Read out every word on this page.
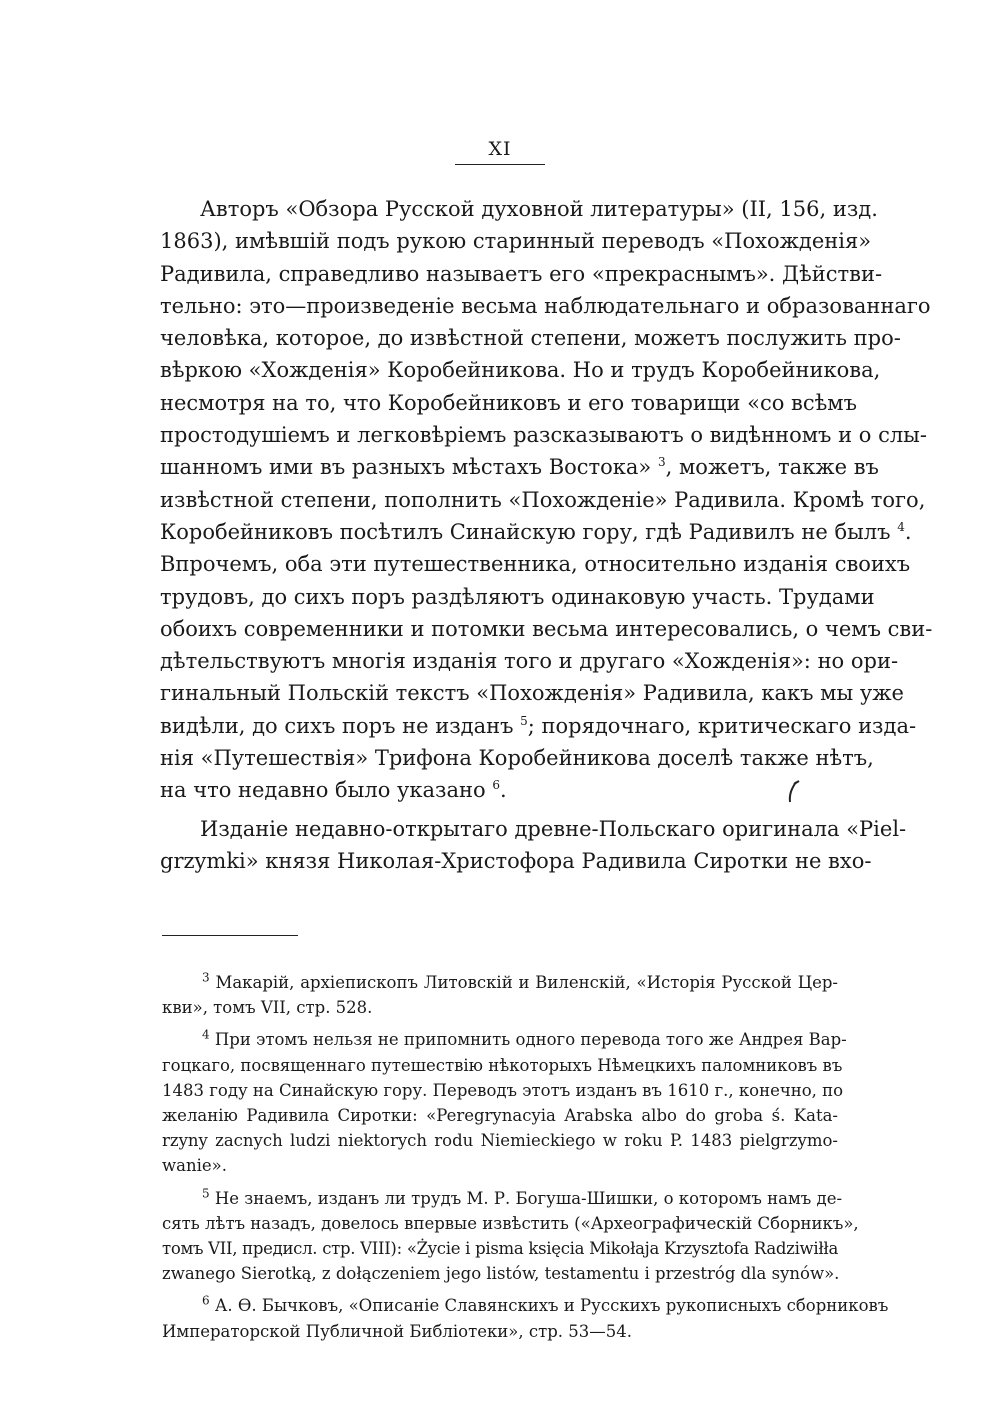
XI

Авторъ «Обзора Русской духовной литературы» (II, 156, изд.
1863), имѣвшій подъ рукою старинный переводъ «Похожденія»
Радивила, справедливо называетъ его «прекраснымъ». Дѣйстви-
тельно: это—произведеніе весьма наблюдательнаго и образованнаго
человѣка, которое, до извѣстной степени, можетъ послужить про-
вѣркою «Хожденія» Коробейникова. Но и трудъ Коробейникова,
несмотря на то, что Коробейниковъ и его товарищи «со всѣмъ
простодушіемъ и легковѣріемъ разсказываютъ о видѣнномъ и о слы-
шанномъ ими въ разныхъ мѣстахъ Востока» $^3$, можетъ, также въ
извѣстной степени, пополнить «Похожденіе» Радивила. Кромѣ того,
Коробейниковъ посѣтилъ Синайскую гору, гдѣ Радивилъ не былъ $^4$.
Впрочемъ, оба эти путешественника, относительно изданія своихъ
трудовъ, до сихъ поръ раздѣляютъ одинаковую участь. Трудами
обоихъ современники и потомки весьма интересовались, о чемъ сви-
дѣтельствуютъ многія изданія того и другаго «Хожденія»: но ори-
гинальный Польскій текстъ «Похожденія» Радивила, какъ мы уже
видѣли, до сихъ поръ не изданъ $^5$; порядочнаго, критическаго изда-
нія «Путешествія» Трифона Коробейникова доселѣ также нѣтъ,
на что недавно было указано $^6$.

Изданіе недавно-открытаго древне-Польскаго оригинала «Piel-
grzymki» князя Николая-Христофора Радивила Сиротки не вхо-

$^3$ Макарій, архіепископъ Литовскій и Виленскій, «Исторія Русской Цер-
кви», томъ VII, стр. 528.
$^4$ При этомъ нельзя не припомнить одного перевода того же Андрея Вар-
гоцкаго, посвященнаго путешествію нѣкоторыхъ Нѣмецкихъ паломниковъ въ
1483 году на Синайскую гору. Переводъ этотъ изданъ въ 1610 г., конечно, по
желанію Радивила Сиротки: «Peregrynacyia Arabska albo do groba ś. Kata-
rzyny zacnych ludzi niektorych rodu Niemieckiego w roku P. 1483 pielgrzymo-
wanie».
$^5$ Не знаемъ, изданъ ли трудъ М. Р. Богуша-Шишки, о которомъ намъ де-
сять лѣтъ назадъ, довелось впервые извѣстить («Археографическій Сборникъ»,
томъ VII, предисл. стр. VIII): «Życie i pisma księcia Mikołaja Krzysztofa Radziwiłła
zwanego Sierotką, z dołączeniem jego listów, testamentu i przestróg dla synów».
$^6$ А. Ө. Бычковъ, «Описаніе Славянскихъ и Русскихъ рукописныхъ сборниковъ
Императорской Публичной Библіотеки», стр. 53—54.
